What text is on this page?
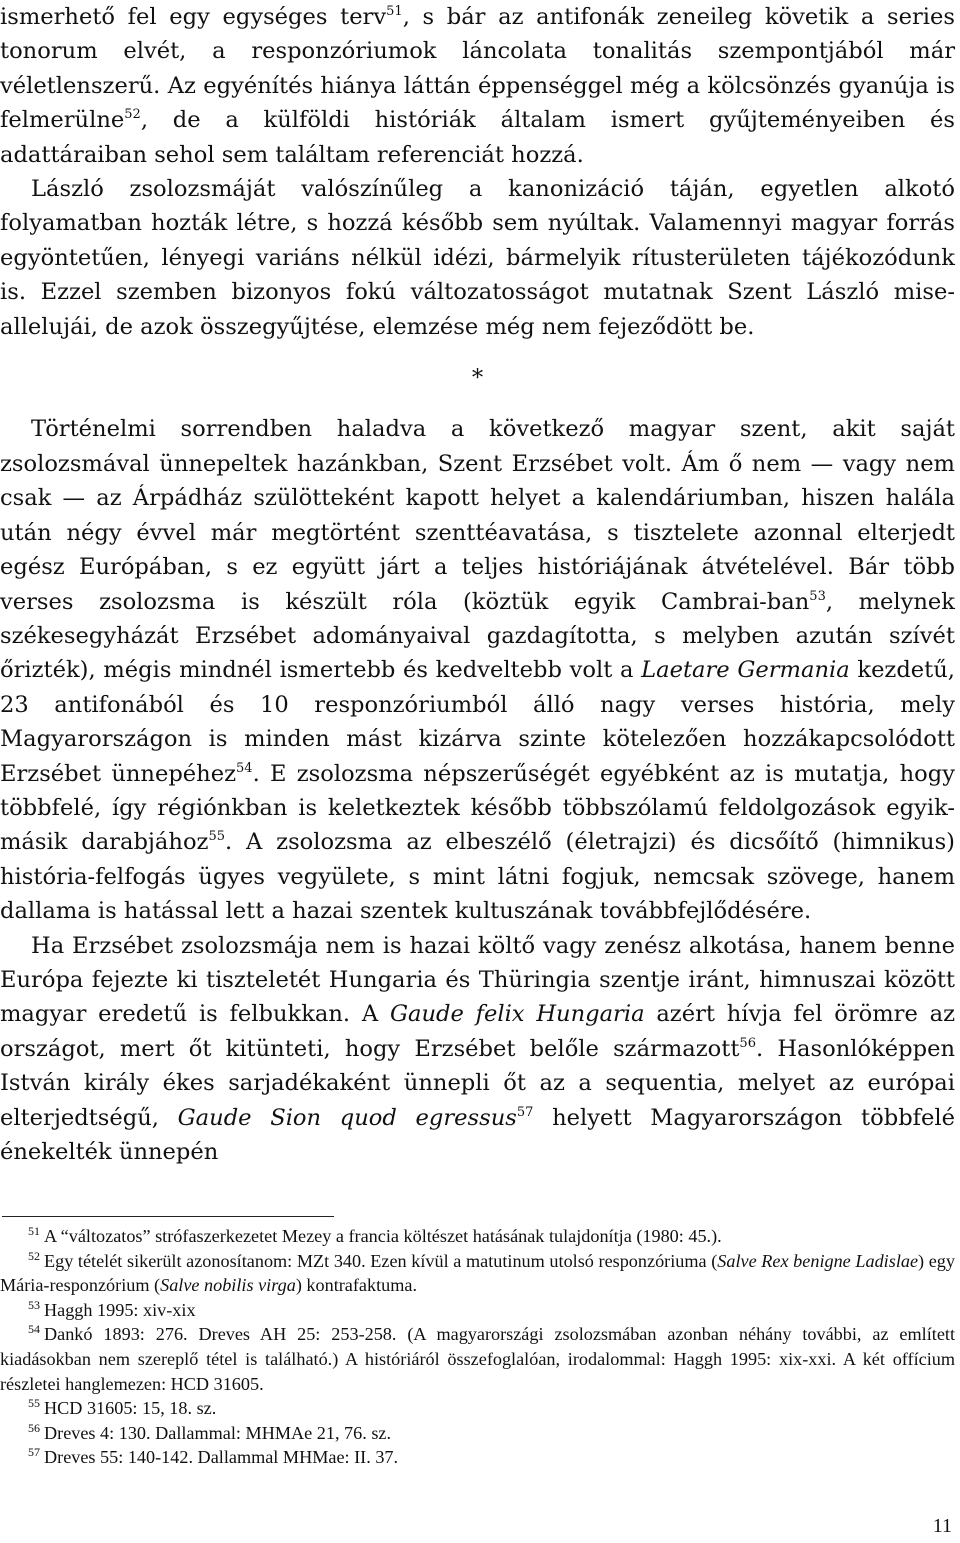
ismerhető fel egy egységes terv$^{51}$, s bár az antifonák zeneileg követik a series tonorum elvét, a responzóriumok láncolata tonalitás szempontjából már véletlenszerű. Az egyénítés hiánya láttán éppenséggel még a kölcsönzés gyanúja is felmerülne$^{52}$, de a külföldi históriák általam ismert gyűjteményeiben és adattáraiban sehol sem találtam referenciát hozzá.

László zsolozsmáját valószínűleg a kanonizáció táján, egyetlen alkotó folyamatban hozták létre, s hozzá később sem nyúltak. Valamennyi magyar forrás egyöntetűen, lényegi variáns nélkül idézi, bármelyik rítusterületen tájékozódunk is. Ezzel szemben bizonyos fokú változatosságot mutatnak Szent László mise-allelujái, de azok összegyűjtése, elemzése még nem fejeződött be.

*

Történelmi sorrendben haladva a következő magyar szent, akit saját zsolozsmával ünnepeltek hazánkban, Szent Erzsébet volt. Ám ő nem — vagy nem csak — az Árpádház szülötteként kapott helyet a kalendáriumban, hiszen halála után négy évvel már megtörtént szenttéavatása, s tisztelete azonnal elterjedt egész Európában, s ez együtt járt a teljes históriájának átvételével. Bár több verses zsolozsma is készült róla (köztük egyik Cambrai-ban$^{53}$, melynek székesegyházát Erzsébet adományaival gazdagította, s melyben azután szívét őrizték), mégis mindnél ismertebb és kedveltebb volt a Laetare Germania kezdetű, 23 antifonából és 10 responzóriumból álló nagy verses história, mely Magyarországon is minden mást kizárva szinte kötelezően hozzákapcsolódott Erzsébet ünnepéhez$^{54}$. E zsolozsma népszerűségét egyébként az is mutatja, hogy többfelé, így régiónkban is keletkeztek később többszólamú feldolgozások egyik-másik darabjához$^{55}$. A zsolozsma az elbeszélő (életrajzi) és dicsőítő (himnikus) história-felfogás ügyes vegyülete, s mint látni fogjuk, nemcsak szövege, hanem dallama is hatással lett a hazai szentek kultuszának továbbfejlődésére.

Ha Erzsébet zsolozsmája nem is hazai költő vagy zenész alkotása, hanem benne Európa fejezte ki tiszteletét Hungaria és Thüringia szentje iránt, himnuszai között magyar eredetű is felbukkan. A Gaude felix Hungaria azért hívja fel örömre az országot, mert őt kitünteti, hogy Erzsébet belőle származott$^{56}$. Hasonlóképpen István király ékes sarjadékaként ünnepli őt az a sequentia, melyet az európai elterjedtségű, Gaude Sion quod egressus$^{57}$ helyett Magyarországon többfelé énekelték ünnepén

$^{51}$ A “változatos” strófaszerkezetet Mezey a francia költészet hatásának tulajdonítja (1980: 45.).

$^{52}$ Egy tételét sikerült azonosítanom: MZt 340. Ezen kívül a matutinum utolsó responzóriuma (Salve Rex benigne Ladislae) egy Mária-responzórium (Salve nobilis virga) kontrafaktuma.

$^{53}$ Haggh 1995: xiv-xix

$^{54}$ Dankó 1893: 276. Dreves AH 25: 253-258. (A magyarországi zsolozsmában azonban néhány további, az említett kiadásokban nem szereplő tétel is található.) A históriáról összefoglalóan, irodalommal: Haggh 1995: xix-xxi. A két offícium részletei hanglemezen: HCD 31605.

$^{55}$ HCD 31605: 15, 18. sz.

$^{56}$ Dreves 4: 130. Dallammal: MHMAe 21, 76. sz.

$^{57}$ Dreves 55: 140-142. Dallammal MHMae: II. 37.

11
